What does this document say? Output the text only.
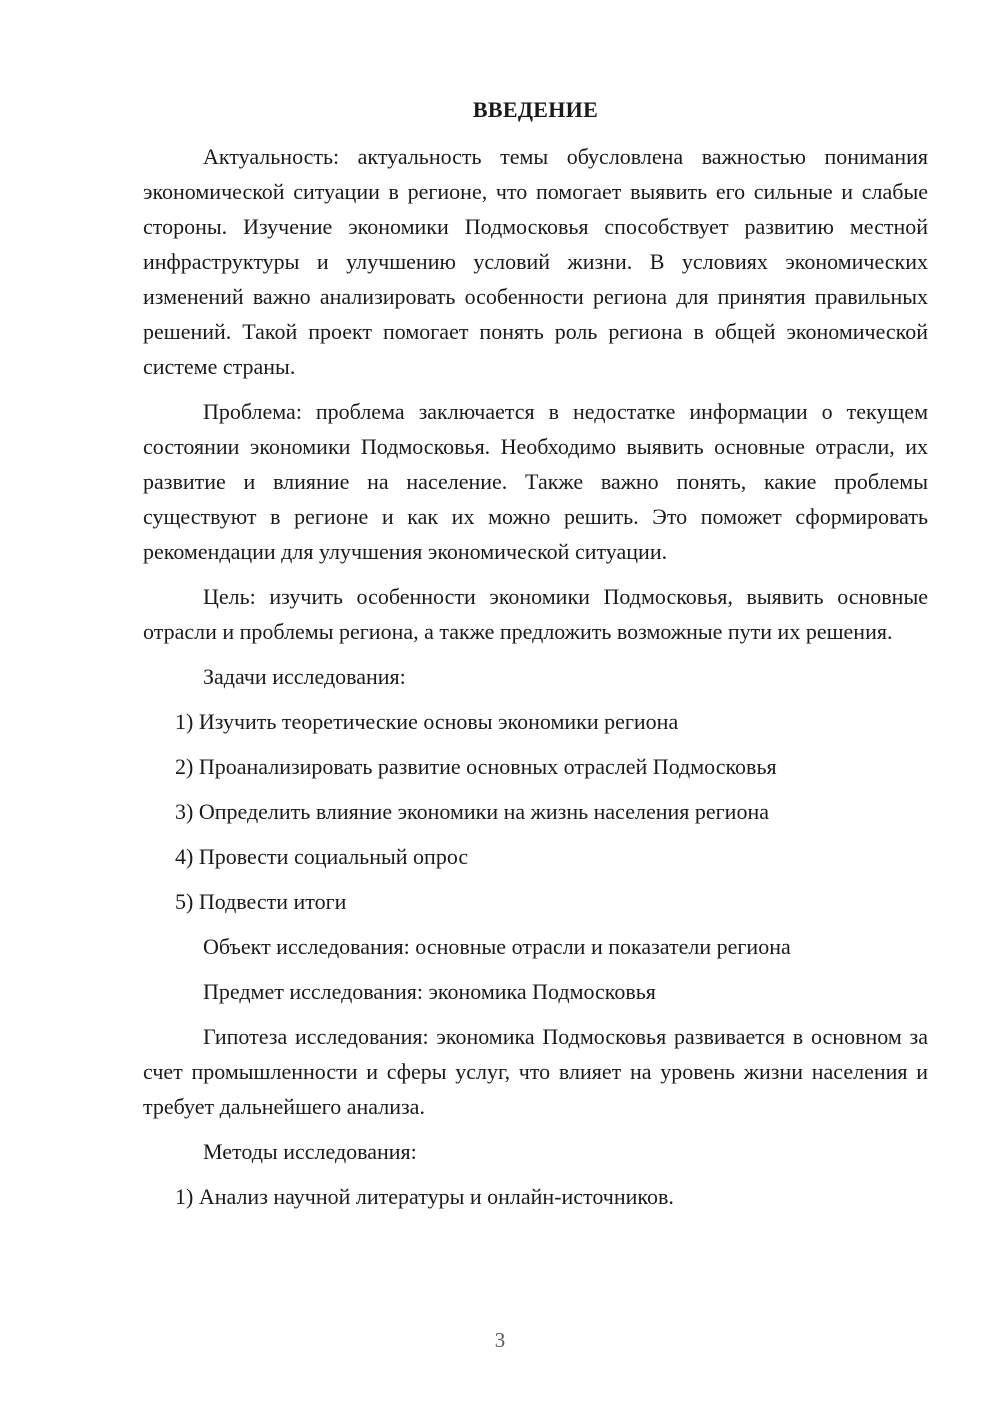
ВВЕДЕНИЕ

Актуальность: актуальность темы обусловлена важностью понимания экономической ситуации в регионе, что помогает выявить его сильные и слабые стороны. Изучение экономики Подмосковья способствует развитию местной инфраструктуры и улучшению условий жизни. В условиях экономических изменений важно анализировать особенности региона для принятия правильных решений. Такой проект помогает понять роль региона в общей экономической системе страны.

Проблема: проблема заключается в недостатке информации о текущем состоянии экономики Подмосковья. Необходимо выявить основные отрасли, их развитие и влияние на население. Также важно понять, какие проблемы существуют в регионе и как их можно решить. Это поможет сформировать рекомендации для улучшения экономической ситуации.

Цель: изучить особенности экономики Подмосковья, выявить основные отрасли и проблемы региона, а также предложить возможные пути их решения.

Задачи исследования:

1) Изучить теоретические основы экономики региона
2) Проанализировать развитие основных отраслей Подмосковья
3) Определить влияние экономики на жизнь населения региона
4) Провести социальный опрос
5) Подвести итоги

Объект исследования: основные отрасли и показатели региона

Предмет исследования: экономика Подмосковья

Гипотеза исследования: экономика Подмосковья развивается в основном за счет промышленности и сферы услуг, что влияет на уровень жизни населения и требует дальнейшего анализа.

Методы исследования:

1) Анализ научной литературы и онлайн-источников.
3
